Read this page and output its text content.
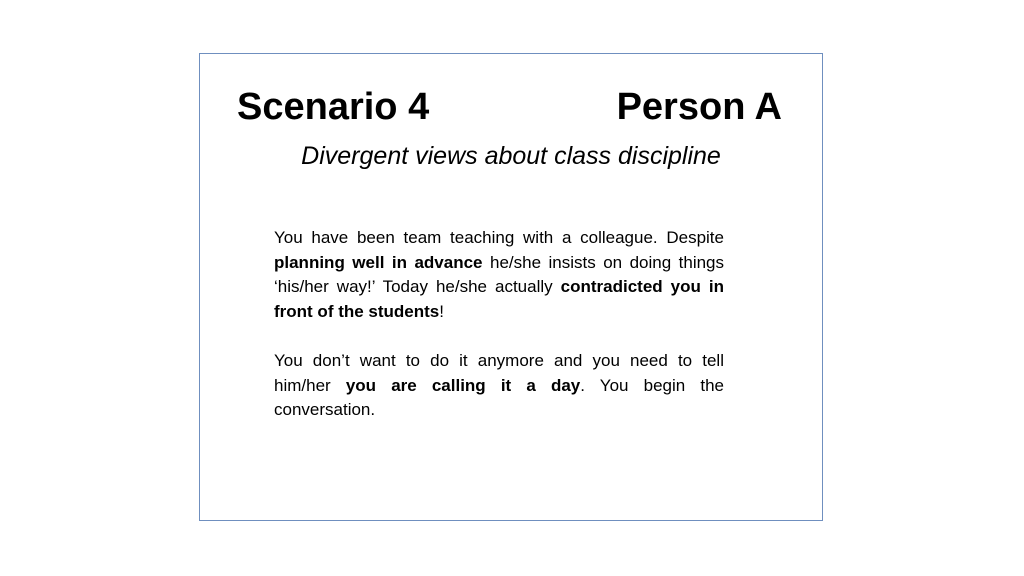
Scenario 4	Person A
Divergent views about class discipline

You have been team teaching with a colleague. Despite planning well in advance he/she insists on doing things ‘his/her way!’ Today he/she actually contradicted you in front of the students!

You don’t want to do it anymore and you need to tell him/her you are calling it a day. You begin the conversation.
